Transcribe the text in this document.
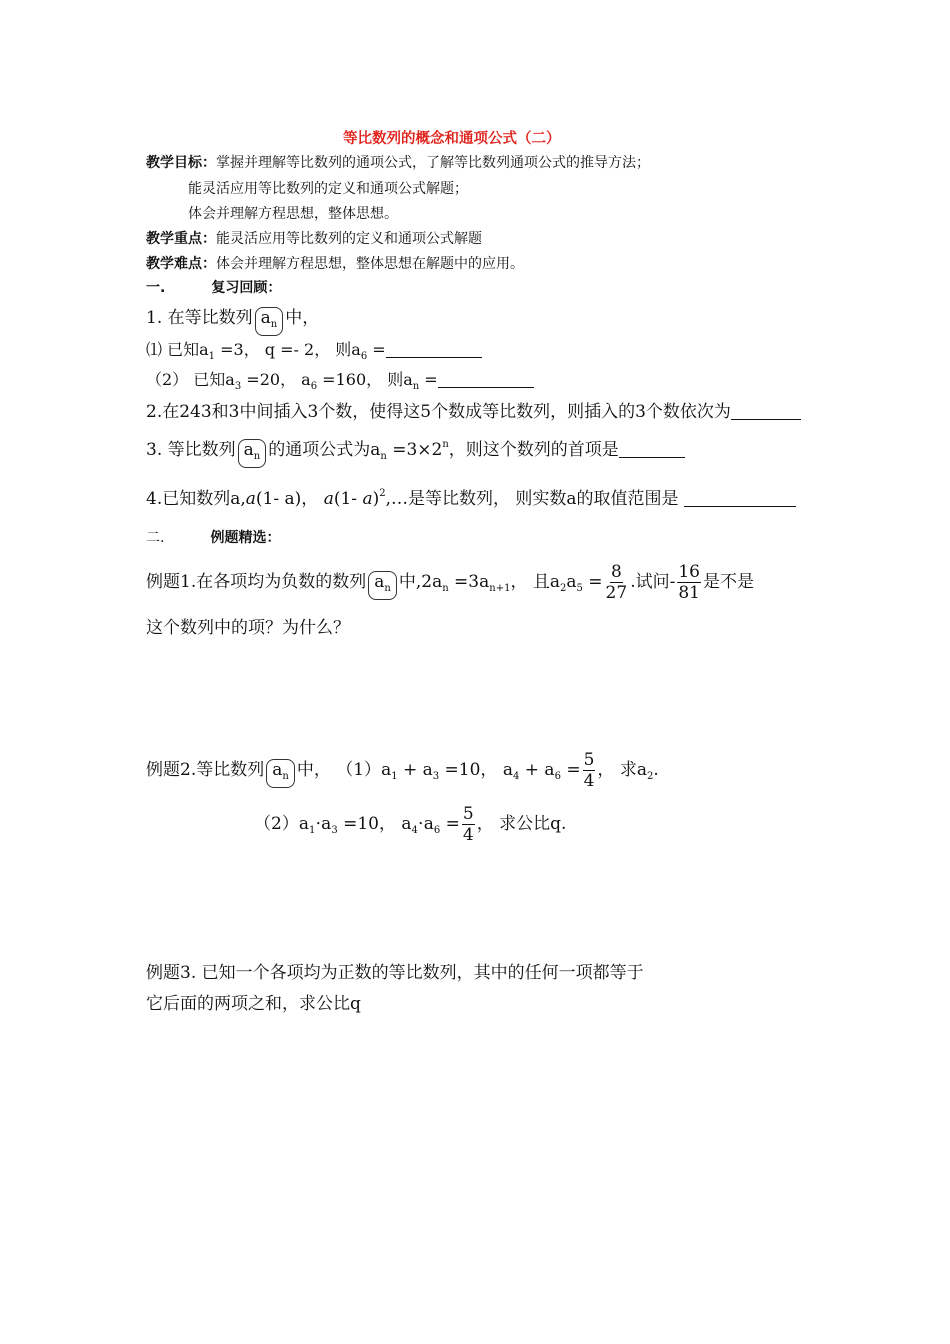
等比数列的概念和通项公式（二）
教学目标：掌握并理解等比数列的通项公式，了解等比数列通项公式的推导方法；
能灵活应用等比数列的定义和通项公式解题；
体会并理解方程思想，整体思想。
教学重点：能灵活应用等比数列的定义和通项公式解题
教学难点：体会并理解方程思想，整体思想在解题中的应用。
一.	复习回顾：
1. 在等比数列 $a_n$ 中，
⑴ 已知$a_1 =3$， q =- 2， 则$a_6$ =
（2） 已知$a_3 =20$， $a_6 =160$， 则$a_n$ =
2.在243和3中间插入3个数，使得这5个数成等比数列，则插入的3个数依次为
3. 等比数列 $a_n$ 的通项公式为$a_n =3\times 2^n$，则这个数列的首项是
4.已知数列a,a(1- a)， a(1- a)$^2$,…是等比数列， 则实数a的取值范围是
二.	例题精选：
例题1.在各项均为负数的数列 $a_n$ 中$,2a_n =3a_{n+1}$， 且$a_2a_5 = \frac{8}{27}$ .试问- $\frac{16}{81}$ 是不是
这个数列中的项？为什么？
例题2.等比数列 $a_n$ 中， $(1)a_1 + a_3 =10$， $a_4 + a_6 = \frac{5}{4}$ ， 求$a_2$.
$(2)a_1\cdot a_3 =10$， $a_4\cdot a_6 = \frac{5}{4}$ ， 求公比q.
例题3. 已知一个各项均为正数的等比数列，其中的任何一项都等于
它后面的两项之和，求公比q
